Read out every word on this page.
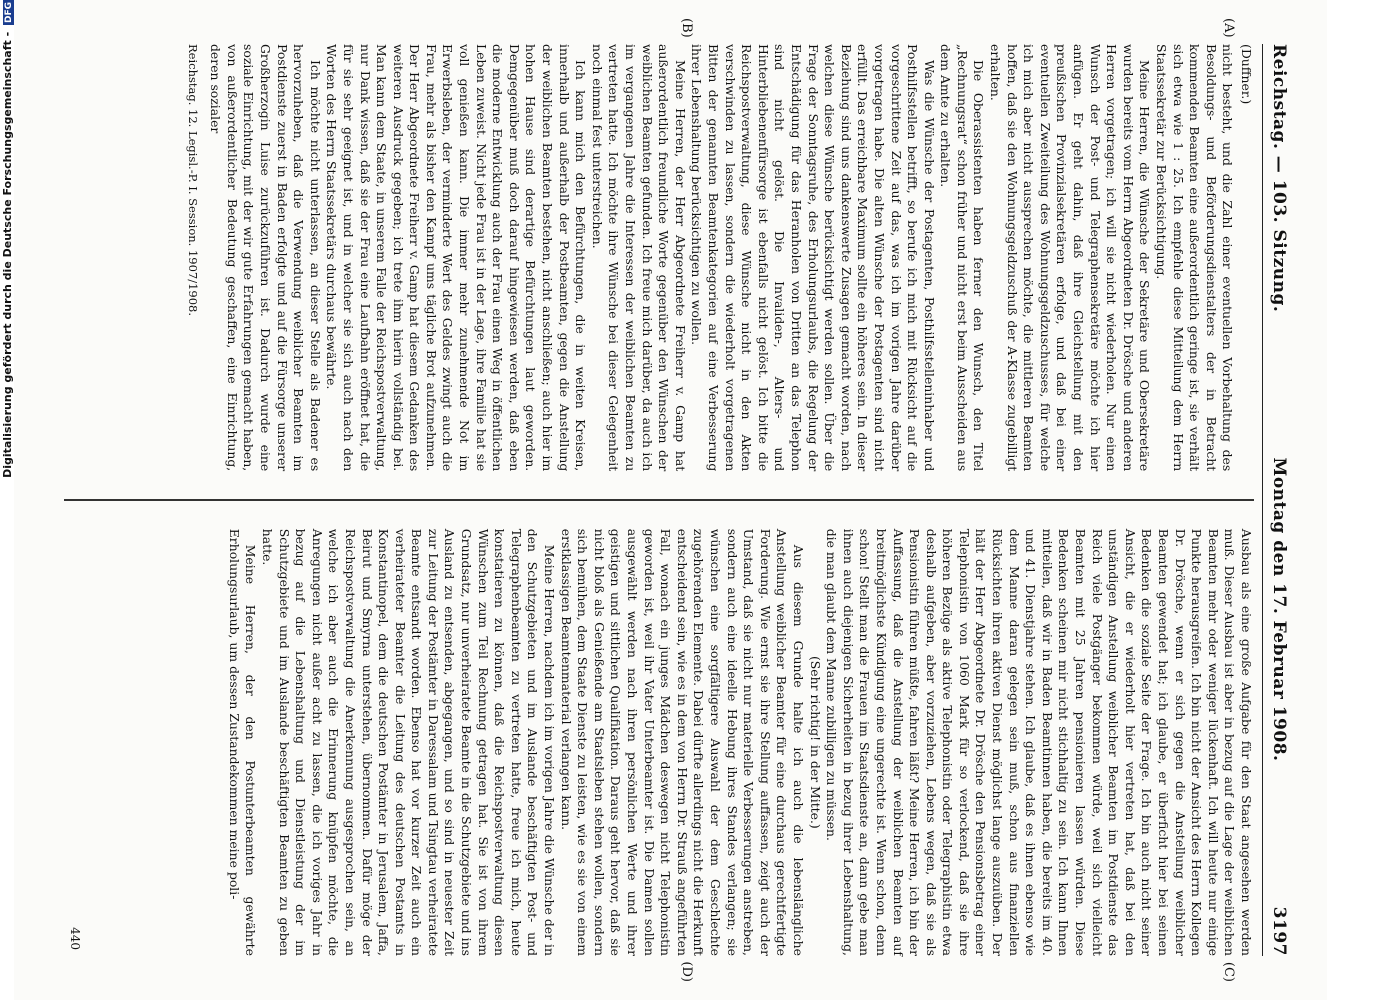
Digitalisierung gefördert durch die Deutsche Forschungsgemeinschaft - DFG
Reichstag. — 103. Sitzung.
Montag den 17. Februar 1908.
3197
(A)
(B)
(Duffner.)

nicht besteht, und die Zahl einer eventuellen Vorbehaltung des Besoldungs- und Beförderungsdienstalters der in Betracht kommenden Beamten eine außerordentlich geringe ist, sie verhält sich etwa wie 1 : 25. Ich empfehle diese Mitteilung dem Herrn Staatssekretär zur Berücksichtigung.

Meine Herren, die Wünsche der Sekretäre und Obersekretäre wurden bereits vom Herrn Abgeordneten Dr. Drösche und anderen Herren vorgetragen; ich will sie nicht wiederholen. Nur einen Wunsch der Post- und Telegraphensekretäre möchte ich hier anfügen. Er geht dahin, daß ihre Gleichstellung mit den preußischen Provinzialsekretären erfolge, und daß bei einer eventuellen Zweiteilung des Wohnungsgeldzuschusses, für welche ich mich aber nicht aussprechen möchte, die mittleren Beamten hoffen, daß sie den Wohnungsgeldzuschuß der A-Klasse zugebilligt erhalten.

Die Oberassistenten haben ferner den Wunsch, den Titel „Rechnungsrat“ schon früher und nicht erst beim Ausscheiden aus dem Amte zu erhalten.

Was die Wünsche der Postagenten, Posthilfsstelleninhaber und Posthilfsstellen betrifft, so berufe ich mich mit Rücksicht auf die vorgeschrittene Zeit auf das, was ich im vorigen Jahre darüber vorgetragen habe. Die alten Wünsche der Postagenten sind nicht erfüllt. Das erreichbare Maximum sollte ein höheres sein. In dieser Beziehung sind uns dankenswerte Zusagen gemacht worden, nach welchen diese Wünsche berücksichtigt werden sollen. Über die Frage der Sonntagsruhe, des Erholungsurlaubs, die Regelung der Entschädigung für das Heranholen von Dritten an das Telephon sind nicht gelöst. Die Invaliden-, Alters- und Hinterbliebenenfürsorge ist ebenfalls nicht gelöst. Ich bitte die Reichspostverwaltung, diese Wünsche nicht in den Akten verschwinden zu lassen, sondern die wiederholt vorgetragenen Bitten der genannten Beamtenkategorien auf eine Verbesserung ihrer Lebenshaltung berücksichtigen zu wollen.

Meine Herren, der Herr Abgeordnete Freiherr v. Gamp hat außerordentlich freundliche Worte gegenüber den Wünschen der weiblichen Beamten gefunden. Ich freue mich darüber, da auch ich im vergangenen Jahre die Interessen der weiblichen Beamten zu vertreten hatte. Ich möchte ihre Wünsche bei dieser Gelegenheit noch einmal fest unterstreichen.

Ich kann mich den Befürchtungen, die in weiten Kreisen, innerhalb und außerhalb der Postbeamten, gegen die Anstellung der weiblichen Beamten bestehen, nicht anschließen; auch hier im hohen Hause sind derartige Befürchtungen laut geworden. Demgegenüber muß doch darauf hingewiesen werden, daß eben die moderne Entwicklung auch der Frau einen Weg in öffentlichen Leben zuweist. Nicht jede Frau ist in der Lage, ihre Familie hat sie voll genießen kann. Die immer mehr zunehmende Not im Erwerbsleben, der verminderte Wert des Geldes zwingt auch die Frau, mehr als bisher den Kampf ums tägliche Brot aufzunehmen. Der Herr Abgeordnete Freiherr v. Gamp hat diesem Gedanken des weiteren Ausdruck gegeben; ich trete ihm hierin vollständig bei. Man kann dem Staate, in unserem Falle der Reichspostverwaltung, nur Dank wissen, daß sie der Frau eine Laufbahn eröffnet hat, die für sie sehr geeignet ist, und in welcher sie sich auch nach den Worten des Herrn Staatssekretärs durchaus bewährte.

Ich möchte nicht unterlassen, an dieser Stelle als Badener es hervorzuheben, daß die Verwendung weiblicher Beamten im Postdienste zuerst in Baden erfolgte und auf die Fürsorge unserer Großherzogin Luise zurückzuführen ist. Dadurch wurde eine soziale Einrichtung, mit der wir gute Erfahrungen gemacht haben, von außerordentlicher Bedeutung geschaffen, eine Einrichtung, deren sozialer

Reichstag. 12. Legisl.-P. I. Session. 1907/1908.
(C)
(D)

Ausbau als eine große Aufgabe für den Staat angesehen werden muß. Dieser Ausbau ist aber in bezug auf die Lage der weiblichen Beamten mehr oder weniger lückenhaft. Ich will heute nur einige Punkte herausgreifen. Ich bin nicht der Ansicht des Herrn Kollegen Dr. Drösche, wenn er sich gegen die Anstellung weiblicher Beamten gewendet hat; ich glaube, er überficht hier bei seinen Bedenken die soziale Seite der Frage. Ich bin auch nicht seiner Ansicht, die er wiederholt hier vertreten hat, daß bei den unständigen Anstellung weiblicher Beamten im Postdienste das Reich viele Postgänger bekommen würde, weil sich vielleicht Beamten mit 25 Jahren pensionieren lassen würden. Diese Bedenken scheinen mir nicht stichhaltig zu sein. Ich kann Ihnen mitteilen, daß wir in Baden Beamtinnen haben, die bereits im 40. und 41. Dienstjahre stehen. Ich glaube, daß es ihnen ebenso wie dem Manne daran gelegen sein muß, schon aus finanziellen Rücksichten ihren aktiven Dienst möglichst lange auszuüben. Der hält der Herr Abgeordnete Dr. Drösche den Pensionsbetrag einer Telephonistin von 1060 Mark für so verlockend, daß sie ihre höheren Bezüge als aktive Telephonistin oder Telegraphistin etwa deshalb aufgeben, aber vorzuziehen, Lebens wegen, daß sie als Pensionistin führen müßte, fahren läßt? Meine Herren, ich bin der Auffassung, daß die Anstellung der weiblichen Beamten auf breitmöglichste Kündigung eine ungerechte ist. Wenn schon, denn schon! Stellt man die Frauen im Staatsdienste an, dann gebe man ihnen auch diejenigen Sicherheiten in bezug ihrer Lebenshaltung, die man glaubt dem Manne zubilligen zu müssen.

(Sehr richtig! in der Mitte.)

Aus diesem Grunde halte ich auch die lebenslängliche Anstellung weiblicher Beamter für eine durchaus gerechtfertigte Forderung. Wie ernst sie ihre Stellung auffassen, zeigt auch der Umstand, daß sie nicht nur materielle Verbesserungen anstreben, sondern auch eine ideelle Hebung ihres Standes verlangen; sie wünschen eine sorgfältigere Auswahl der dem Geschlechte zugehörenden Elemente. Dabei dürfte allerdings nicht die Herkunft entscheidend sein, wie es in dem von Herrn Dr. Strauß angeführten Fall, wonach ein junges Mädchen deswegen nicht Telephonistin geworden ist, weil ihr Vater Unterbeamter ist. Die Damen sollen ausgewählt werden nach ihren persönlichen Werte und ihrer geistigen und sittlichen Qualifikation. Daraus geht hervor, daß sie nicht bloß als Genießende am Staatsleben stehen wollen, sondern sich bemühen, dem Staate Dienste zu leisten, wie es sie von einem erstklassigen Beamtenmaterial verlangen kann.

Meine Herren, nachdem ich im vorigen Jahre die Wünsche der in den Schutzgebieten und im Auslande beschäftigten Post- und Telegraphenbeamten zu vertreten hatte, freue ich mich, heute konstatieren zu können, daß die Reichspostverwaltung diesen Wünschen zum Teil Rechnung getragen hat. Sie ist von ihrem Grundsatz, nur unverheiratete Beamte in die Schutzgebiete und ins Ausland zu entsenden, abgegangen, und so sind in neuester Zeit zur Leitung der Postämter in Daressalam und Tsingtau verheiratete Beamte entsandt worden. Ebenso hat vor kurzer Zeit auch ein verheirateter Beamter die Leitung des deutschen Postamts in Konstantinopel, dem die deutschen Postämter in Jerusalem, Jaffa, Beirut und Smyrna unterstehen, übernommen. Dafür möge der Reichspostverwaltung die Anerkennung ausgesprochen sein, an welche ich aber auch die Erinnerung knüpfen möchte, die Anregungen nicht außer acht zu lassen, die ich voriges Jahr in bezug auf die Lebenshaltung und Dienstleistung der im Schutzgebiete und im Auslande beschäftigten Beamten zu geben hatte.

Meine Herren, der den Postunterbeamten gewährte Erholungsurlaub, um dessen Zustandekommen meine poli-

440
